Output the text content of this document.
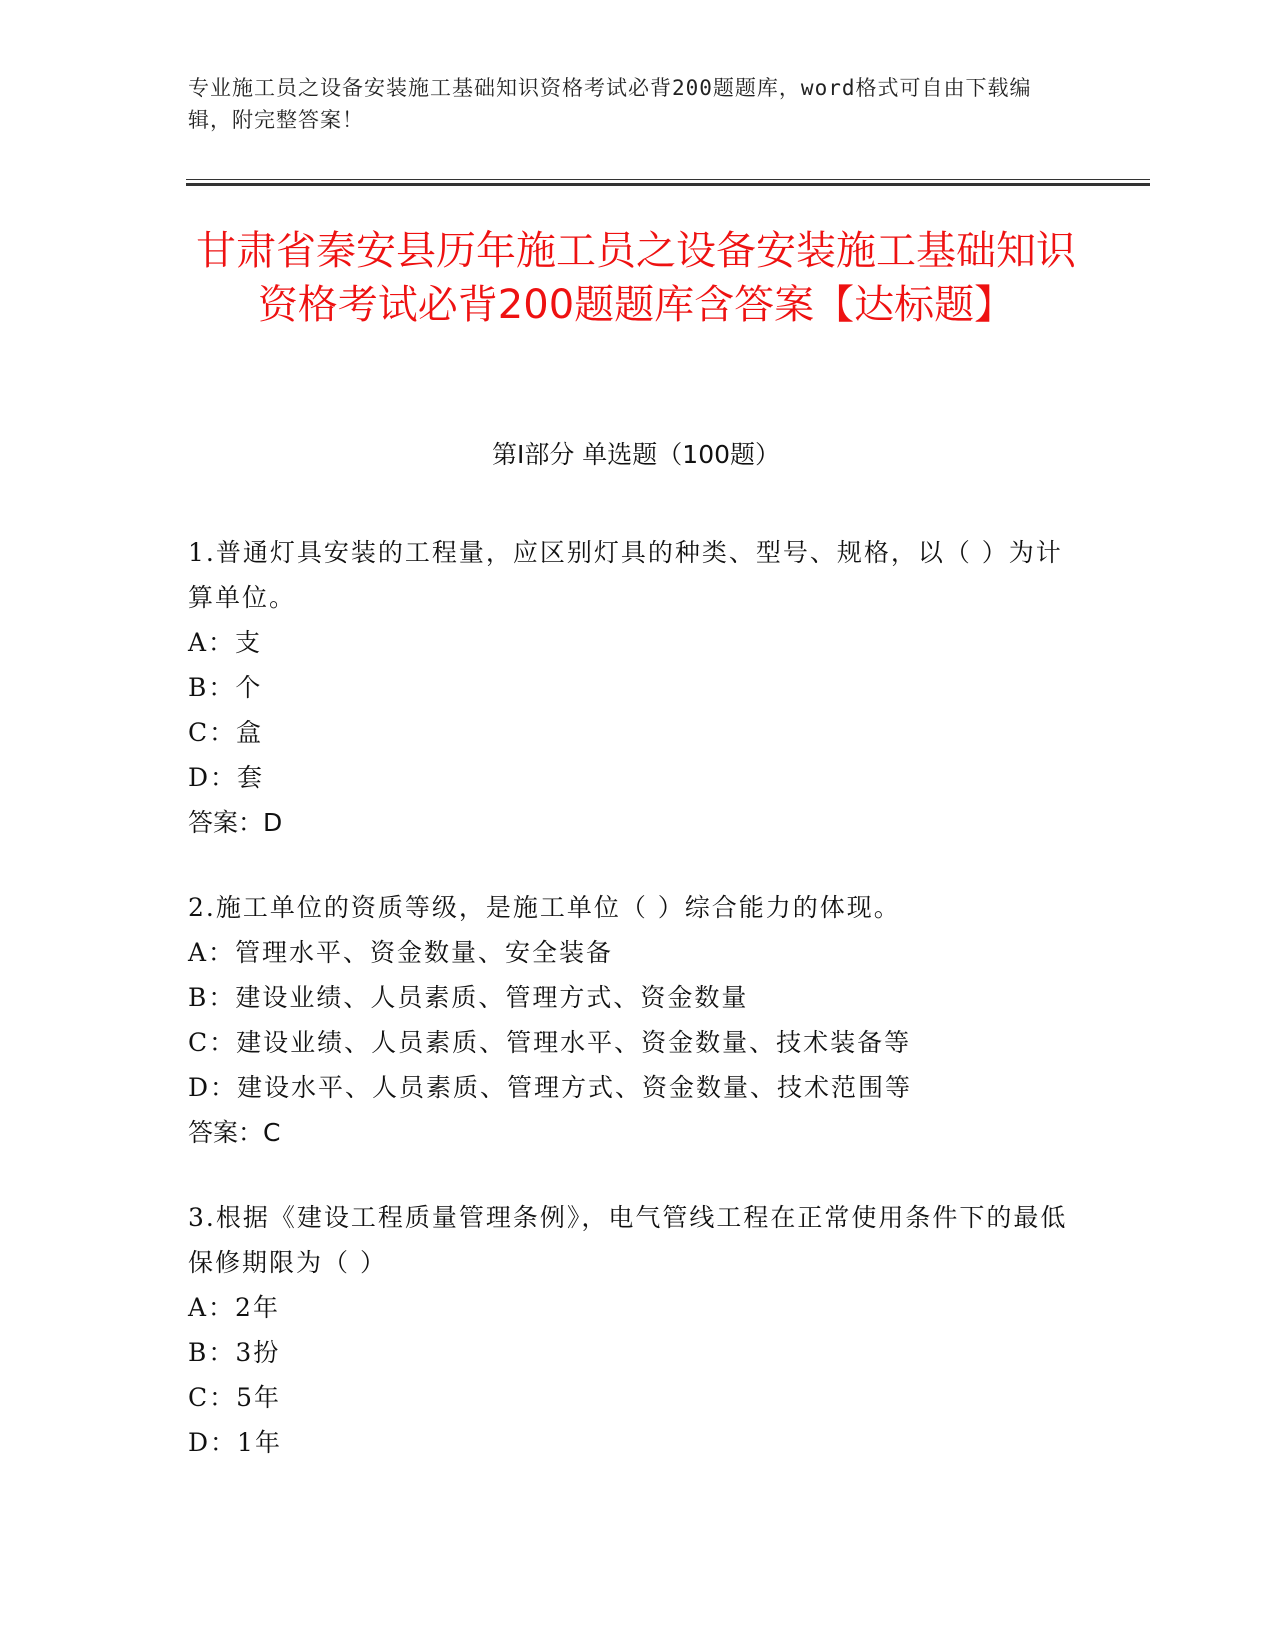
专业施工员之设备安装施工基础知识资格考试必背200题题库，word格式可自由下载编辑，附完整答案！
甘肃省秦安县历年施工员之设备安装施工基础知识资格考试必背200题题库含答案【达标题】
第Ⅰ部分 单选题（100题）
1.普通灯具安装的工程量，应区别灯具的种类、型号、规格，以（ ）为计算单位。
A：支
B：个
C：盒
D：套
答案：D
2.施工单位的资质等级，是施工单位（ ）综合能力的体现。
A：管理水平、资金数量、安全装备
B：建设业绩、人员素质、管理方式、资金数量
C：建设业绩、人员素质、管理水平、资金数量、技术装备等
D：建设水平、人员素质、管理方式、资金数量、技术范围等
答案：C
3.根据《建设工程质量管理条例》，电气管线工程在正常使用条件下的最低保修期限为（ ）
A：2年
B：3扮
C：5年
D：1年
